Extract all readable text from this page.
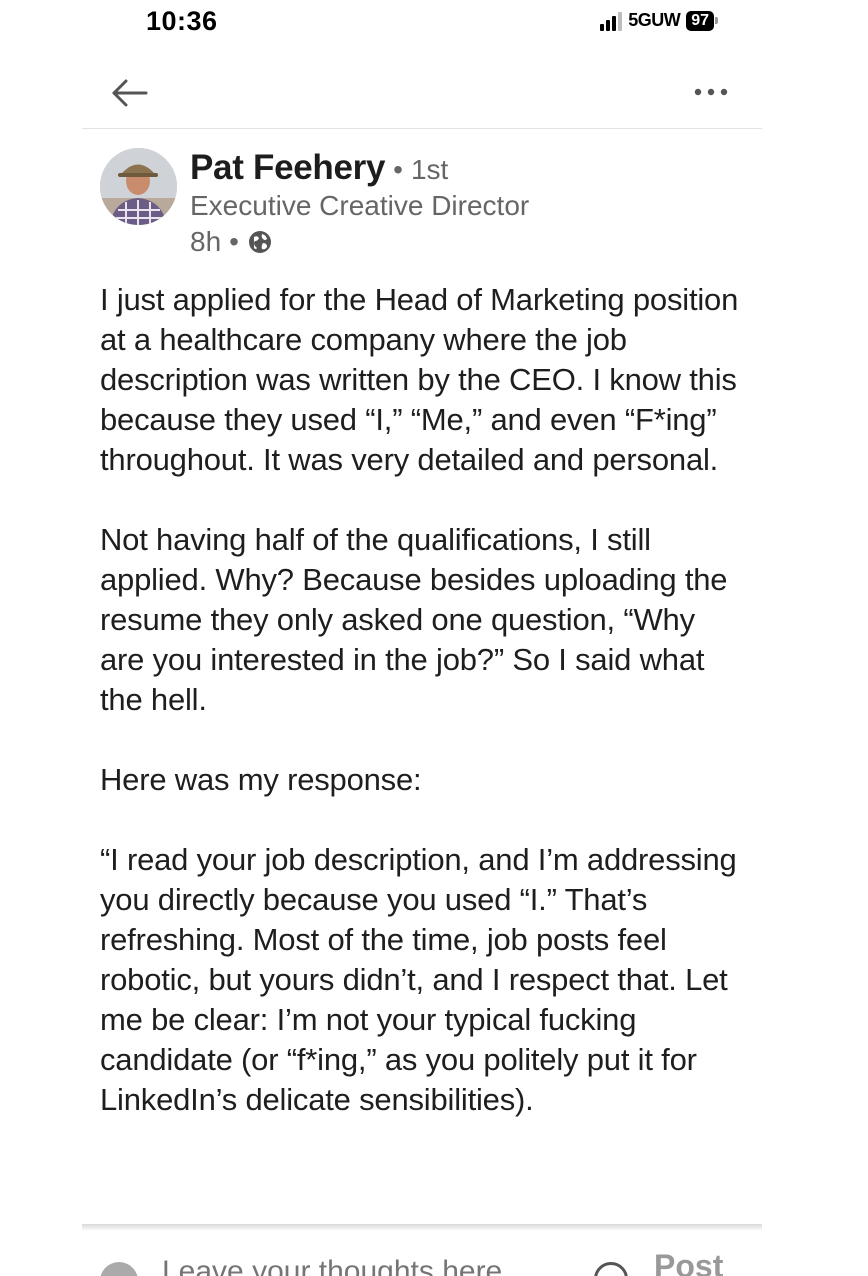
10:36	5GUW 97
Pat Feehery • 1st
Executive Creative Director
8h •

I just applied for the Head of Marketing position at a healthcare company where the job description was written by the CEO. I know this because they used “I,” “Me,” and even “F*ing” throughout. It was very detailed and personal.

Not having half of the qualifications, I still applied. Why? Because besides uploading the resume they only asked one question, “Why are you interested in the job?” So I said what the hell.

Here was my response:

“I read your job description, and I’m addressing you directly because you used “I.” That’s refreshing. Most of the time, job posts feel robotic, but yours didn’t, and I respect that. Let me be clear: I’m not your typical fucking candidate (or “f*ing,” as you politely put it for LinkedIn’s delicate sensibilities).

Leave your thoughts here...
Post
